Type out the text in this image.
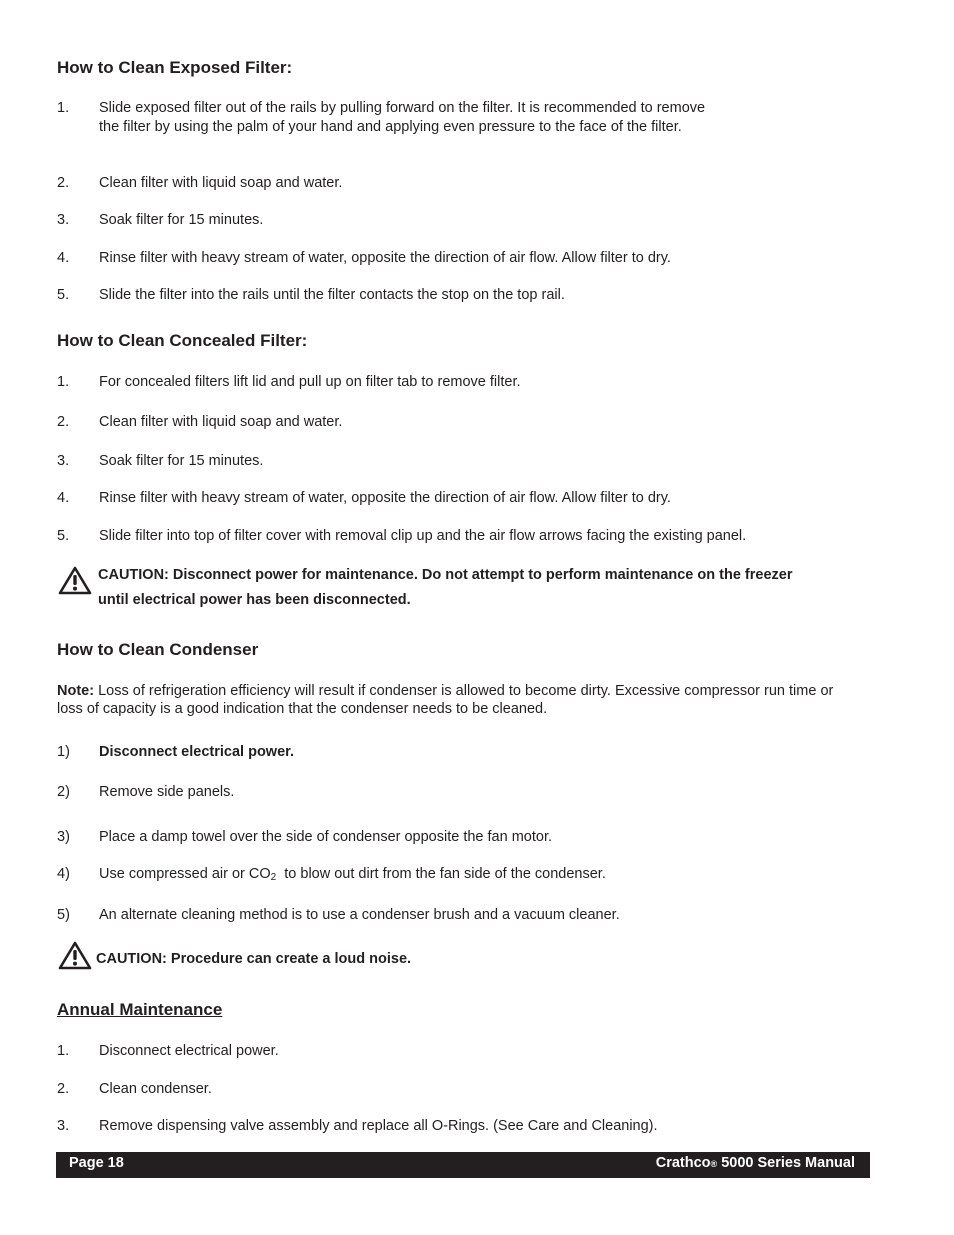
How to Clean Exposed Filter:
1. Slide exposed filter out of the rails by pulling forward on the filter. It is recommended to remove the filter by using the palm of your hand and applying even pressure to the face of the filter.
2. Clean filter with liquid soap and water.
3. Soak filter for 15 minutes.
4. Rinse filter with heavy stream of water, opposite the direction of air flow. Allow filter to dry.
5. Slide the filter into the rails until the filter contacts the stop on the top rail.
How to Clean Concealed Filter:
1. For concealed filters lift lid and pull up on filter tab to remove filter.
2. Clean filter with liquid soap and water.
3. Soak filter for 15 minutes.
4. Rinse filter with heavy stream of water, opposite the direction of air flow. Allow filter to dry.
5. Slide filter into top of filter cover with removal clip up and the air flow arrows facing the existing panel.
CAUTION: Disconnect power for maintenance. Do not attempt to perform maintenance on the freezer
until electrical power has been disconnected.
How to Clean Condenser
Note: Loss of refrigeration efficiency will result if condenser is allowed to become dirty. Excessive compressor run time or loss of capacity is a good indication that the condenser needs to be cleaned.
1) Disconnect electrical power.
2) Remove side panels.
3) Place a damp towel over the side of condenser opposite the fan motor.
4) Use compressed air or $CO_2$  to blow out dirt from the fan side of the condenser.
5) An alternate cleaning method is to use a condenser brush and a vacuum cleaner.
CAUTION: Procedure can create a loud noise.
Annual Maintenance
1. Disconnect electrical power.
2. Clean condenser.
3. Remove dispensing valve assembly and replace all O-Rings. (See Care and Cleaning).
Page 18	Crathco® 5000 Series Manual
